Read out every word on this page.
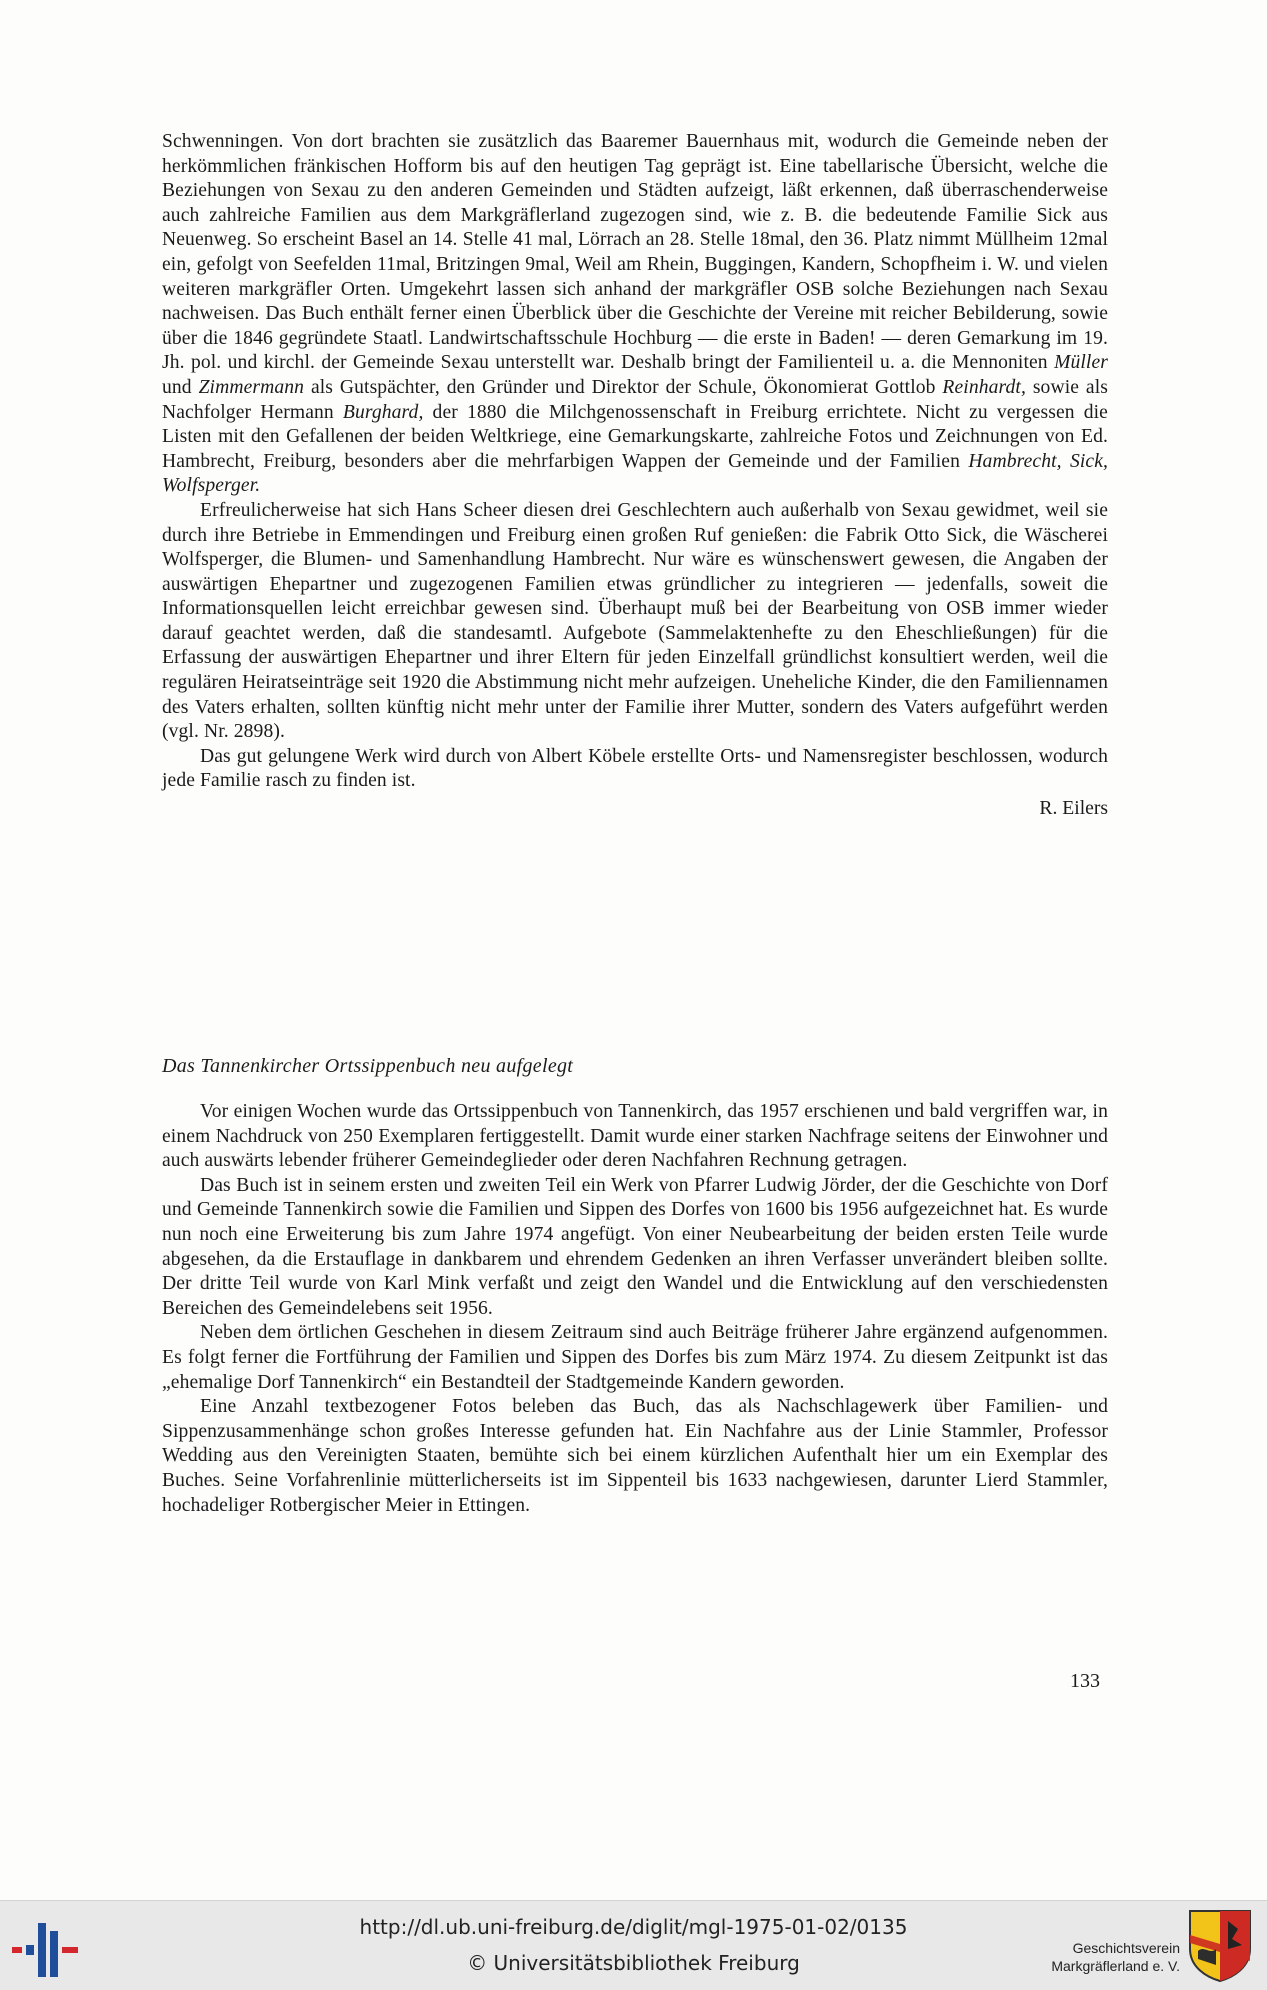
Schwenningen. Von dort brachten sie zusätzlich das Baaremer Bauernhaus mit, wodurch die Gemeinde neben der herkömmlichen fränkischen Hofform bis auf den heutigen Tag geprägt ist. Eine tabellarische Übersicht, welche die Beziehungen von Sexau zu den anderen Gemeinden und Städten aufzeigt, läßt erkennen, daß überraschenderweise auch zahlreiche Familien aus dem Markgräflerland zugezogen sind, wie z. B. die bedeutende Familie Sick aus Neuenweg. So erscheint Basel an 14. Stelle 41 mal, Lörrach an 28. Stelle 18mal, den 36. Platz nimmt Müllheim 12mal ein, gefolgt von Seefelden 11mal, Britzingen 9mal, Weil am Rhein, Buggingen, Kandern, Schopfheim i. W. und vielen weiteren markgräfler Orten. Umgekehrt lassen sich anhand der markgräfler OSB solche Beziehungen nach Sexau nachweisen. Das Buch enthält ferner einen Überblick über die Geschichte der Vereine mit reicher Bebilderung, sowie über die 1846 gegründete Staatl. Landwirtschaftsschule Hochburg — die erste in Baden! — deren Gemarkung im 19. Jh. pol. und kirchl. der Gemeinde Sexau unterstellt war. Deshalb bringt der Familienteil u. a. die Mennoniten Müller und Zimmermann als Gutspächter, den Gründer und Direktor der Schule, Ökonomierat Gottlob Reinhardt, sowie als Nachfolger Hermann Burghard, der 1880 die Milchgenossenschaft in Freiburg errichtete. Nicht zu vergessen die Listen mit den Gefallenen der beiden Weltkriege, eine Gemarkungskarte, zahlreiche Fotos und Zeichnungen von Ed. Hambrecht, Freiburg, besonders aber die mehrfarbigen Wappen der Gemeinde und der Familien Hambrecht, Sick, Wolfsperger.

Erfreulicherweise hat sich Hans Scheer diesen drei Geschlechtern auch außerhalb von Sexau gewidmet, weil sie durch ihre Betriebe in Emmendingen und Freiburg einen großen Ruf genießen: die Fabrik Otto Sick, die Wäscherei Wolfsperger, die Blumen- und Samenhandlung Hambrecht. Nur wäre es wünschenswert gewesen, die Angaben der auswärtigen Ehepartner und zugezogenen Familien etwas gründlicher zu integrieren — jedenfalls, soweit die Informationsquellen leicht erreichbar gewesen sind. Überhaupt muß bei der Bearbeitung von OSB immer wieder darauf geachtet werden, daß die standesamtl. Aufgebote (Sammelaktenhefte zu den Eheschließungen) für die Erfassung der auswärtigen Ehepartner und ihrer Eltern für jeden Einzelfall gründlichst konsultiert werden, weil die regulären Heiratseinträge seit 1920 die Abstimmung nicht mehr aufzeigen. Uneheliche Kinder, die den Familiennamen des Vaters erhalten, sollten künftig nicht mehr unter der Familie ihrer Mutter, sondern des Vaters aufgeführt werden (vgl. Nr. 2898).

Das gut gelungene Werk wird durch von Albert Köbele erstellte Orts- und Namensregister beschlossen, wodurch jede Familie rasch zu finden ist.

R. Eilers
Das Tannenkircher Ortssippenbuch neu aufgelegt

Vor einigen Wochen wurde das Ortssippenbuch von Tannenkirch, das 1957 erschienen und bald vergriffen war, in einem Nachdruck von 250 Exemplaren fertiggestellt. Damit wurde einer starken Nachfrage seitens der Einwohner und auch auswärts lebender früherer Gemeindeglieder oder deren Nachfahren Rechnung getragen.

Das Buch ist in seinem ersten und zweiten Teil ein Werk von Pfarrer Ludwig Jörder, der die Geschichte von Dorf und Gemeinde Tannenkirch sowie die Familien und Sippen des Dorfes von 1600 bis 1956 aufgezeichnet hat. Es wurde nun noch eine Erweiterung bis zum Jahre 1974 angefügt. Von einer Neubearbeitung der beiden ersten Teile wurde abgesehen, da die Erstauflage in dankbarem und ehrendem Gedenken an ihren Verfasser unverändert bleiben sollte. Der dritte Teil wurde von Karl Mink verfaßt und zeigt den Wandel und die Entwicklung auf den verschiedensten Bereichen des Gemeindelebens seit 1956.

Neben dem örtlichen Geschehen in diesem Zeitraum sind auch Beiträge früherer Jahre ergänzend aufgenommen. Es folgt ferner die Fortführung der Familien und Sippen des Dorfes bis zum März 1974. Zu diesem Zeitpunkt ist das „ehemalige Dorf Tannenkirch“ ein Bestandteil der Stadtgemeinde Kandern geworden.

Eine Anzahl textbezogener Fotos beleben das Buch, das als Nachschlagewerk über Familien- und Sippenzusammenhänge schon großes Interesse gefunden hat. Ein Nachfahre aus der Linie Stammler, Professor Wedding aus den Vereinigten Staaten, bemühte sich bei einem kürzlichen Aufenthalt hier um ein Exemplar des Buches. Seine Vorfahrenlinie mütterlicherseits ist im Sippenteil bis 1633 nachgewiesen, darunter Lierd Stammler, hochadeliger Rotbergischer Meier in Ettingen.

133
http://dl.ub.uni-freiburg.de/diglit/mgl-1975-01-02/0135
© Universitätsbibliothek Freiburg
Geschichtsverein
Markgräflerland e. V.
